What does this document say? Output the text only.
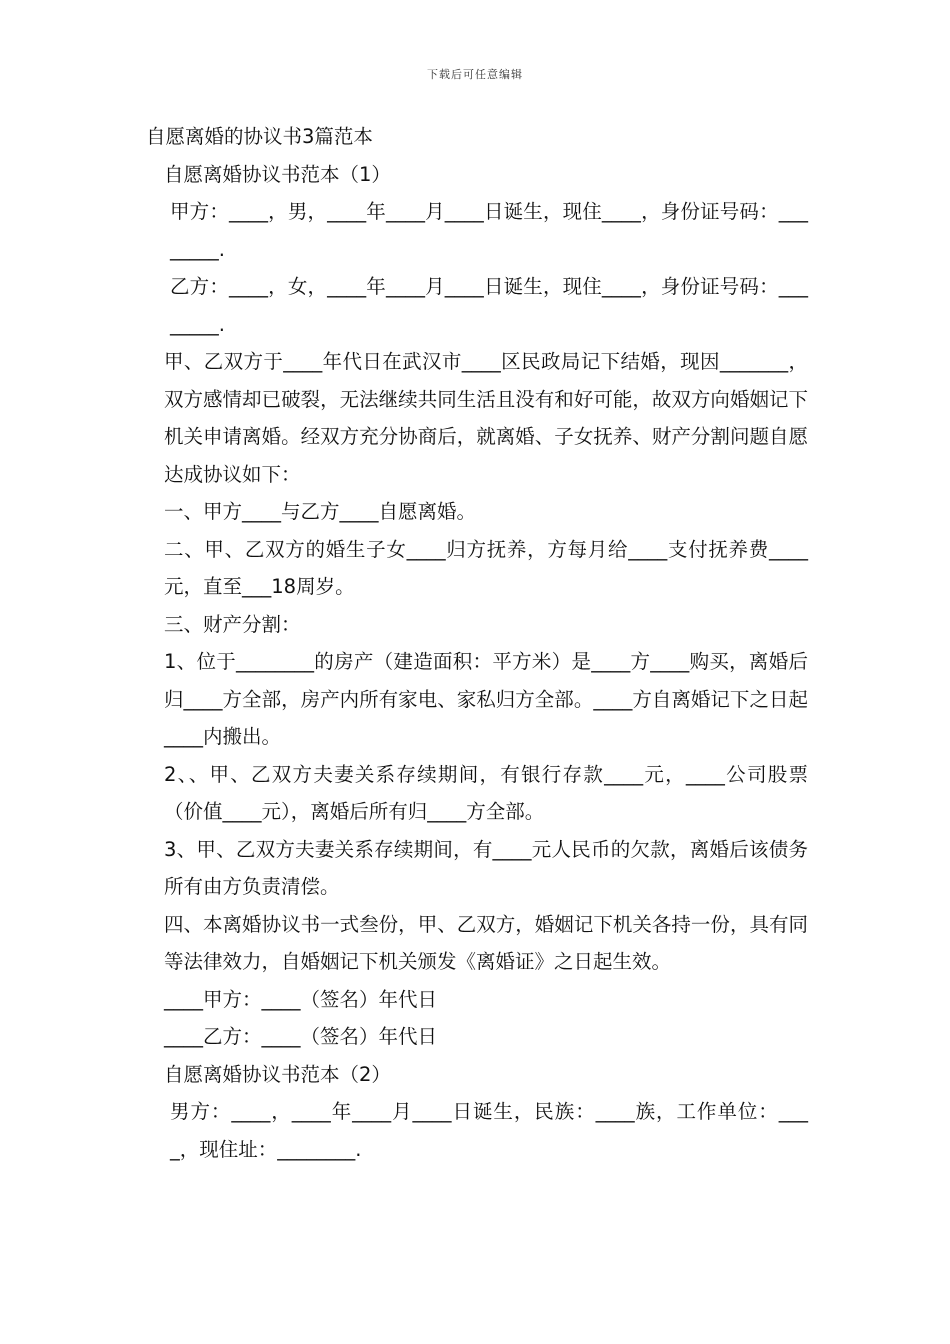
下载后可任意编辑

自愿离婚的协议书3篇范本

自愿离婚协议书范本（1）

甲方：____，男，____年____月____日诞生，现住____，身份证号码：________.

乙方：____，女，____年____月____日诞生，现住____，身份证号码：________.

甲、乙双方于____年代日在武汉市____区民政局记下结婚，现因_______，双方感情却已破裂，无法继续共同生活且没有和好可能，故双方向婚姻记下机关申请离婚。经双方充分协商后，就离婚、子女抚养、财产分割问题自愿达成协议如下：

一、甲方____与乙方____自愿离婚。

二、甲、乙双方的婚生子女____归方抚养，方每月给____支付抚养费____元，直至___18周岁。

三、财产分割：

1、位于________的房产（建造面积：平方米）是____方____购买，离婚后归____方全部，房产内所有家电、家私归方全部。____方自离婚记下之日起____内搬出。

2、、甲、乙双方夫妻关系存续期间，有银行存款____元，____公司股票（价值____元），离婚后所有归____方全部。

3、甲、乙双方夫妻关系存续期间，有____元人民币的欠款，离婚后该债务所有由方负责清偿。

四、本离婚协议书一式叁份，甲、乙双方，婚姻记下机关各持一份，具有同等法律效力，自婚姻记下机关颁发《离婚证》之日起生效。

____甲方：____（签名）年代日

____乙方：____（签名）年代日

自愿离婚协议书范本（2）

男方：____，____年____月____日诞生，民族：____族，工作单位：____，现住址：________.
